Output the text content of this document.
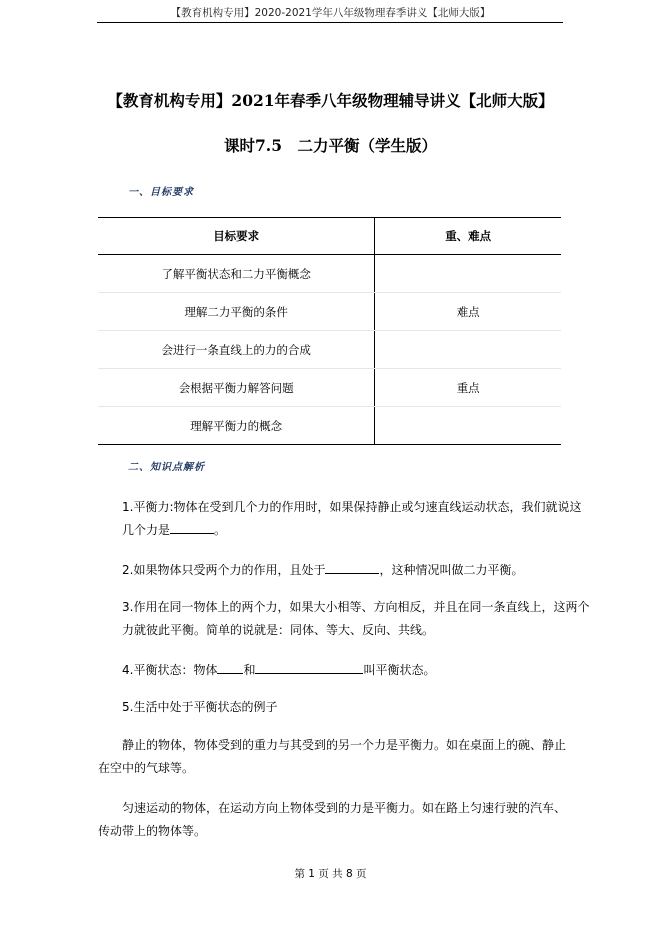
【教育机构专用】2020-2021学年八年级物理春季讲义【北师大版】
【教育机构专用】2021年春季八年级物理辅导讲义【北师大版】
课时7.5　二力平衡（学生版）
一、目标要求
目标要求	重、难点
了解平衡状态和二力平衡概念	
理解二力平衡的条件	难点
会进行一条直线上的力的合成	
会根据平衡力解答问题	重点
理解平衡力的概念	
二、知识点解析
1.平衡力:物体在受到几个力的作用时，如果保持静止或匀速直线运动状态，我们就说这几个力是	。
2.如果物体只受两个力的作用，且处于	，这种情况叫做二力平衡。
3.作用在同一物体上的两个力，如果大小相等、方向相反，并且在同一条直线上，这两个力就彼此平衡。简单的说就是：同体、等大、反向、共线。
4.平衡状态：物体 和	叫平衡状态。
5.生活中处于平衡状态的例子
静止的物体，物体受到的重力与其受到的另一个力是平衡力。如在桌面上的碗、静止在空中的气球等。
匀速运动的物体，在运动方向上物体受到的力是平衡力。如在路上匀速行驶的汽车、传动带上的物体等。
第 1 页 共 8 页
